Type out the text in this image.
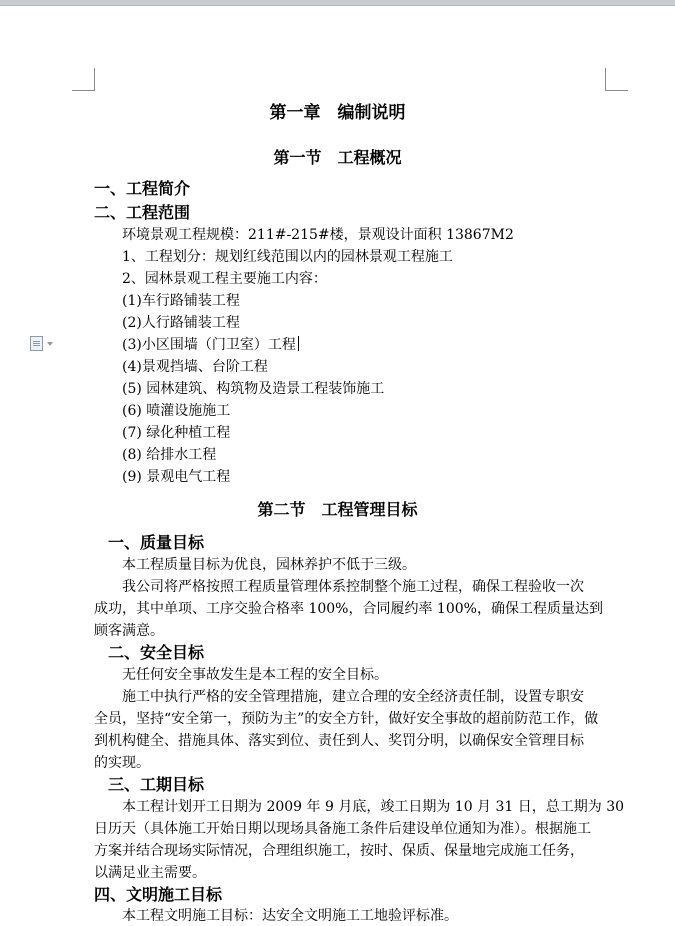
第一章　编制说明
第一节　工程概况
一、工程简介
二、工程范围
环境景观工程规模：211#-215#楼，景观设计面积 13867M2
1、工程划分：规划红线范围以内的园林景观工程施工
2、园林景观工程主要施工内容：
(1)车行路铺装工程
(2)人行路铺装工程
(3)小区围墙（门卫室）工程
(4)景观挡墙、台阶工程
(5) 园林建筑、构筑物及造景工程装饰施工
(6) 喷灌设施施工
(7) 绿化种植工程
(8) 给排水工程
(9) 景观电气工程
第二节　工程管理目标
一、质量目标
本工程质量目标为优良，园林养护不低于三级。
我公司将严格按照工程质量管理体系控制整个施工过程，确保工程验收一次
成功，其中单项、工序交验合格率 100%，合同履约率 100%，确保工程质量达到
顾客满意。
二、安全目标
无任何安全事故发生是本工程的安全目标。
施工中执行严格的安全管理措施，建立合理的安全经济责任制，设置专职安
全员，坚持“安全第一，预防为主”的安全方针，做好安全事故的超前防范工作，做
到机构健全、措施具体、落实到位、责任到人、奖罚分明，以确保安全管理目标
的实现。
三、工期目标
本工程计划开工日期为 2009 年 9 月底，竣工日期为 10 月 31 日，总工期为 30
日历天（具体施工开始日期以现场具备施工条件后建设单位通知为准）。根据施工
方案并结合现场实际情况，合理组织施工，按时、保质、保量地完成施工任务，
以满足业主需要。
四、文明施工目标
本工程文明施工目标：达安全文明施工工地验评标准。
